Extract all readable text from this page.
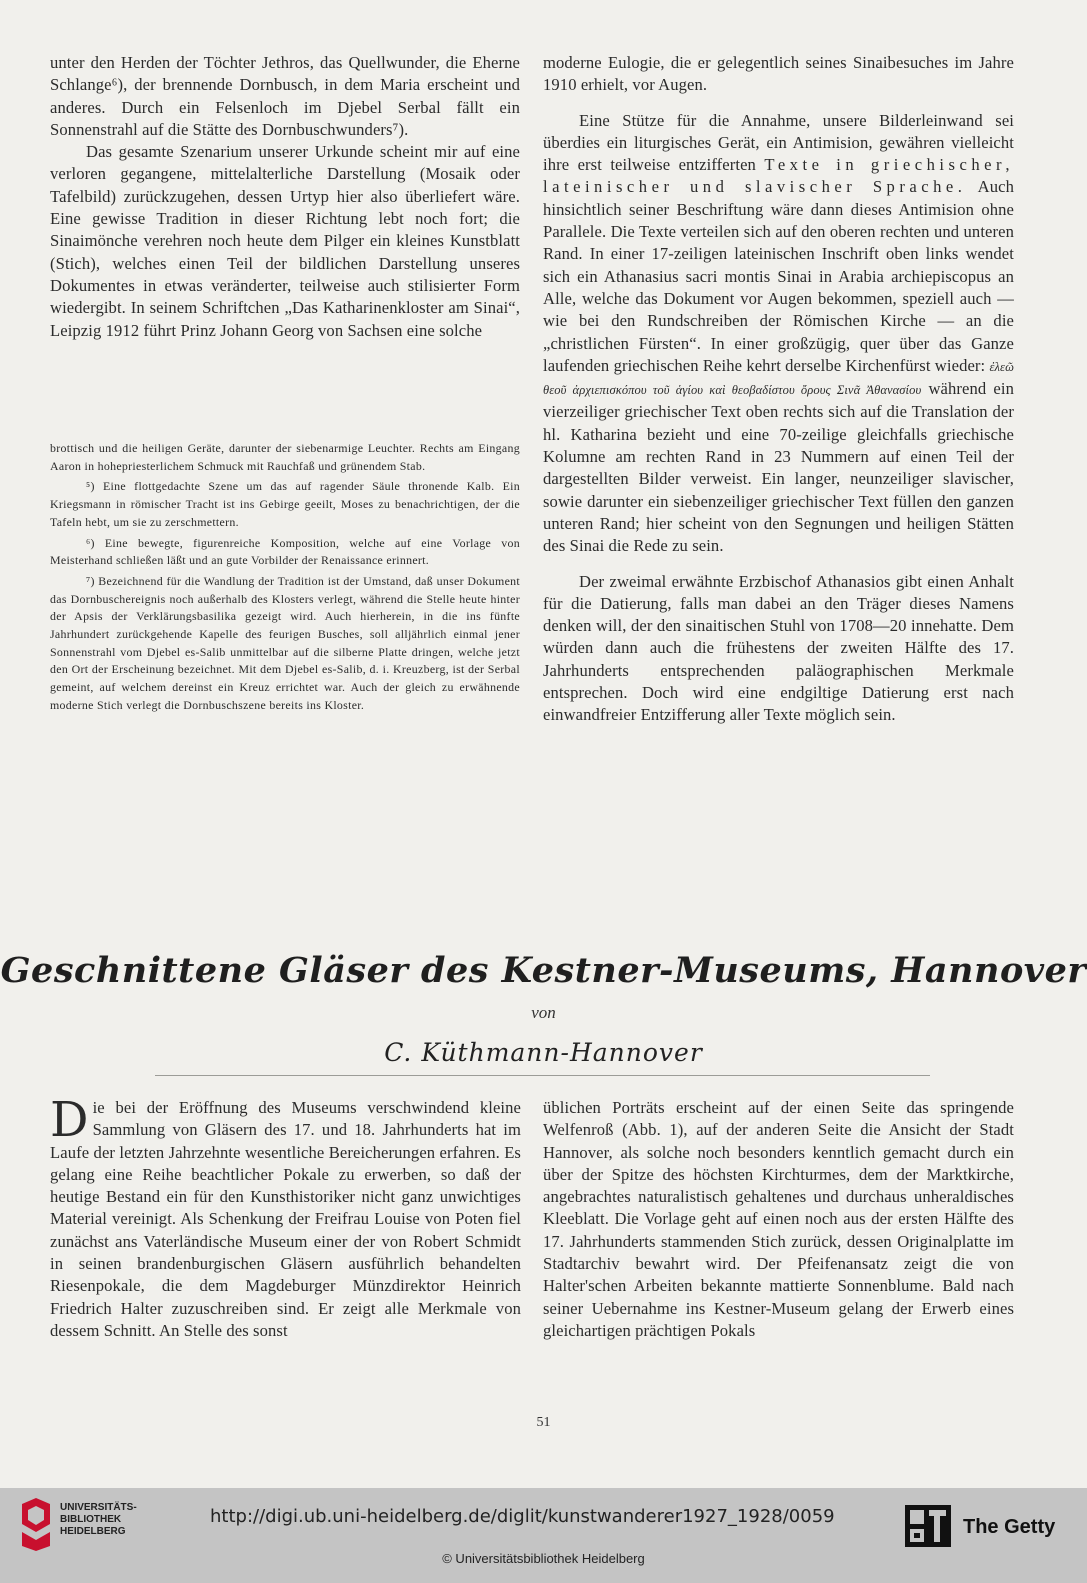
unter den Herden der Töchter Jethros, das Quellwunder, die Eherne Schlange⁶), der brennende Dornbusch, in dem Maria erscheint und anderes. Durch ein Felsenloch im Djebel Serbal fällt ein Sonnenstrahl auf die Stätte des Dornbuschwunders⁷).

Das gesamte Szenarium unserer Urkunde scheint mir auf eine verloren gegangene, mittelalterliche Darstellung (Mosaik oder Tafelbild) zurückzugehen, dessen Urtyp hier also überliefert wäre. Eine gewisse Tradition in dieser Richtung lebt noch fort; die Sinaimönche verehren noch heute dem Pilger ein kleines Kunstblatt (Stich), welches einen Teil der bildlichen Darstellung unseres Dokumentes in etwas veränderter, teilweise auch stilisierter Form wiedergibt. In seinem Schriftchen „Das Katharinenkloster am Sinai“, Leipzig 1912 führt Prinz Johann Georg von Sachsen eine solche

brottisch und die heiligen Geräte, darunter der siebenarmige Leuchter. Rechts am Eingang Aaron in hohepriesterlichem Schmuck mit Rauchfaß und grünendem Stab.

⁵) Eine flottgedachte Szene um das auf ragender Säule thronende Kalb. Ein Kriegsmann in römischer Tracht ist ins Gebirge geeilt, Moses zu benachrichtigen, der die Tafeln hebt, um sie zu zerschmettern.

⁶) Eine bewegte, figurenreiche Komposition, welche auf eine Vorlage von Meisterhand schließen läßt und an gute Vorbilder der Renaissance erinnert.

⁷) Bezeichnend für die Wandlung der Tradition ist der Umstand, daß unser Dokument das Dornbuschereignis noch außerhalb des Klosters verlegt, während die Stelle heute hinter der Apsis der Verklärungsbasilika gezeigt wird. Auch hierherein, in die ins fünfte Jahrhundert zurückgehende Kapelle des feurigen Busches, soll alljährlich einmal jener Sonnenstrahl vom Djebel es-Salib unmittelbar auf die silberne Platte dringen, welche jetzt den Ort der Erscheinung bezeichnet. Mit dem Djebel es-Salib, d. i. Kreuzberg, ist der Serbal gemeint, auf welchem dereinst ein Kreuz errichtet war. Auch der gleich zu erwähnende moderne Stich verlegt die Dornbuschszene bereits ins Kloster.

moderne Eulogie, die er gelegentlich seines Sinaibesuches im Jahre 1910 erhielt, vor Augen.

Eine Stütze für die Annahme, unsere Bilderleinwand sei überdies ein liturgisches Gerät, ein Antimision, gewähren vielleicht ihre erst teilweise entzifferten Texte in griechischer, lateinischer und slavischer Sprache. Auch hinsichtlich seiner Beschriftung wäre dann dieses Antimision ohne Parallele. Die Texte verteilen sich auf den oberen rechten und unteren Rand. In einer 17-zeiligen lateinischen Inschrift oben links wendet sich ein Athanasius sacri montis Sinai in Arabia archiepiscopus an Alle, welche das Dokument vor Augen bekommen, speziell auch — wie bei den Rundschreiben der Römischen Kirche — an die „christlichen Fürsten“. In einer großzügig, quer über das Ganze laufenden griechischen Reihe kehrt derselbe Kirchenfürst wieder: ἐλεῶ θεοῦ ἀρχιεπισκόπου τοῦ ἁγίου καὶ θεοβαδίστου ὄρους Σινᾶ Ἀθανασίου während ein vierzeiliger griechischer Text oben rechts sich auf die Translation der hl. Katharina bezieht und eine 70-zeilige gleichfalls griechische Kolumne am rechten Rand in 23 Nummern auf einen Teil der dargestellten Bilder verweist. Ein langer, neunzeiliger slavischer, sowie darunter ein siebenzeiliger griechischer Text füllen den ganzen unteren Rand; hier scheint von den Segnungen und heiligen Stätten des Sinai die Rede zu sein.

Der zweimal erwähnte Erzbischof Athanasios gibt einen Anhalt für die Datierung, falls man dabei an den Träger dieses Namens denken will, der den sinaitischen Stuhl von 1708—20 innehatte. Dem würden dann auch die frühestens der zweiten Hälfte des 17. Jahrhunderts entsprechenden paläographischen Merkmale entsprechen. Doch wird eine endgiltige Datierung erst nach einwandfreier Entzifferung aller Texte möglich sein.

Geschnittene Gläser des Kestner-Museums, Hannover
von
C. Küthmann-Hannover

Die bei der Eröffnung des Museums verschwindend kleine Sammlung von Gläsern des 17. und 18. Jahrhunderts hat im Laufe der letzten Jahrzehnte wesentliche Bereicherungen erfahren. Es gelang eine Reihe beachtlicher Pokale zu erwerben, so daß der heutige Bestand ein für den Kunsthistoriker nicht ganz unwichtiges Material vereinigt. Als Schenkung der Freifrau Louise von Poten fiel zunächst ans Vaterländische Museum einer der von Robert Schmidt in seinen brandenburgischen Gläsern ausführlich behandelten Riesenpokale, die dem Magdeburger Münzdirektor Heinrich Friedrich Halter zuzuschreiben sind. Er zeigt alle Merkmale von dessem Schnitt. An Stelle des sonst

üblichen Porträts erscheint auf der einen Seite das springende Welfenroß (Abb. 1), auf der anderen Seite die Ansicht der Stadt Hannover, als solche noch besonders kenntlich gemacht durch ein über der Spitze des höchsten Kirchturmes, dem der Marktkirche, angebrachtes naturalistisch gehaltenes und durchaus unheraldisches Kleeblatt. Die Vorlage geht auf einen noch aus der ersten Hälfte des 17. Jahrhunderts stammenden Stich zurück, dessen Originalplatte im Stadtarchiv bewahrt wird. Der Pfeifenansatz zeigt die von Halter'schen Arbeiten bekannte mattierte Sonnenblume. Bald nach seiner Uebernahme ins Kestner-Museum gelang der Erwerb eines gleichartigen prächtigen Pokals

51
UNIVERSITÄTS-
BIBLIOTHEK
HEIDELBERG
http://digi.ub.uni-heidelberg.de/diglit/kunstwanderer1927_1928/0059
© Universitätsbibliothek Heidelberg
The Getty
